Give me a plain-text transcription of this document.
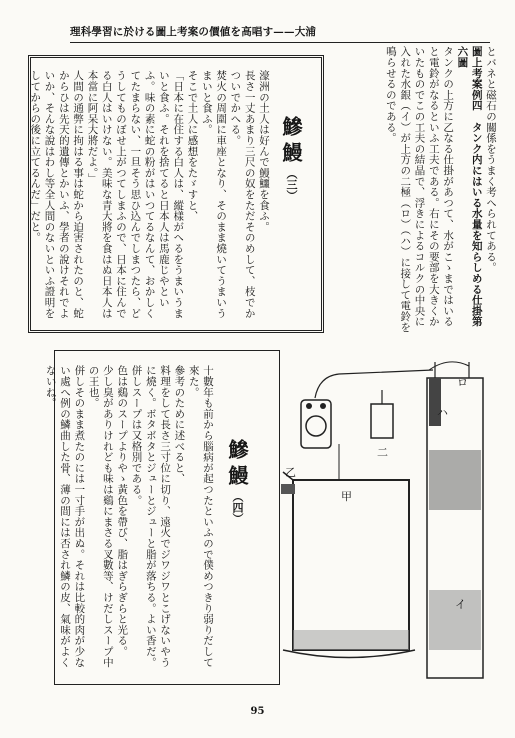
理科學習に於ける圖上考案の價値を高唱す——大浦

とバネと磁石の關係をうまく考へられてある。

圖上考案例四　タンク内にはいる水量を知らしめる仕掛第六圖

タンクの上方に乙なる仕掛があつて、水がこゝまではいると電鈴がなるといふ工夫である。右にその要部を大きくかいたものでこの工夫の結晶で、浮きによるコルクの中央に入れた水銀（イ）が上方の二極（ロ）（ハ）に接して電鈴を鳴らせるのである。

鰺鰻（三）

濠洲の土人は好んで鰻鱷を食ふ。

長さ一丈あまり三尺の奴をただそのめして、枝でかついでかへる。

焚火の周圍に車座となり、そのまま燒いてうまいうまいと食ふ。

そこで土人に感想をたゞすと、

「日本に在住する白人は、縱樣がへるをうまいうまいと食ふ。それを捨てると日本人は馬鹿じやといふ。味の素に蛇の粉がはいつてるなんて、おかしくてたまらない、一旦そう思ひ込んでしまつたら、どうしてものぼせ上がつてしまふので、日本に住んでる白人はいけない。美味な青大將を食はぬ日本人は本當に阿呆大將だよ。」

人間の通弊に拘はる事は蛇から迫害されたのと、蛇からひは先天的遺傳とかいふ、學者の說けそれでよいか、そんな說はわし等全人間のないといふ證明をしてからの後に立てるんだ」だと。

鰺鰻（四）

十數年も前から腦病が起つたといふので僕めつきり弱りだして來た。

參考のために述べると、

料理をして長さ三寸位に切り、遠火でジワジワとこげないやうに燒く。ボタボタとジューとジューと脂が落ちる。よい香だ。

併しスープは又格別である。

色は鷄のスープよりやゝ黃色を帶び、脂はぎらぎらと光る。

少し臭がありけれども味は鷄にまさる叉數等、けだしスープ中の王也。

併しそのまま煮たのには一寸手が出ぬ。それは比較的肉が少ない處へ例の鱗曲した骨、薄の間には否され鱗の皮、氣味がよくないね。	ロ
ハ
イ
乙
甲
二
95
